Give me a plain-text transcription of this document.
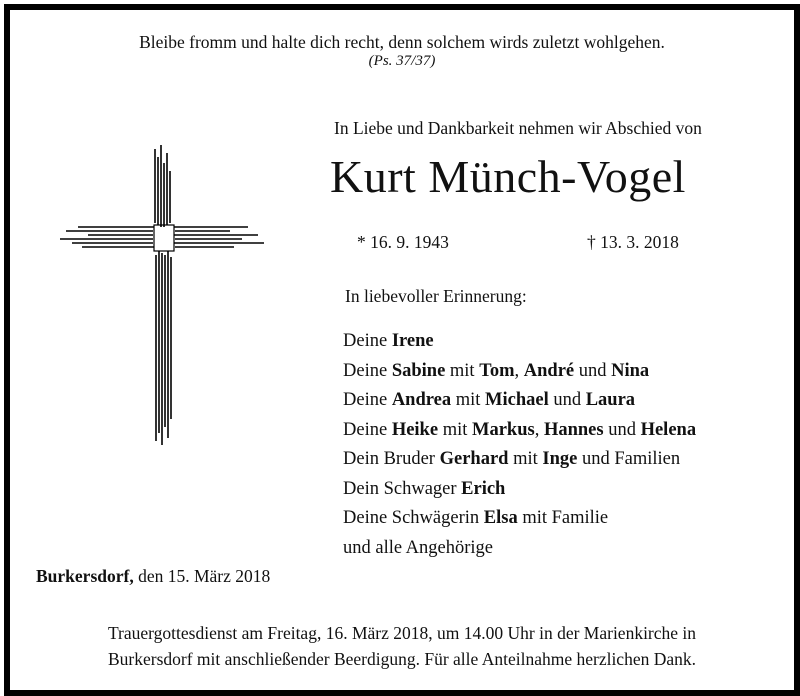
Bleibe fromm und halte dich recht, denn solchem wirds zuletzt wohlgehen.
(Ps. 37/37)
In Liebe und Dankbarkeit nehmen wir Abschied von
Kurt Münch-Vogel
* 16. 9. 1943	† 13. 3. 2018
In liebevoller Erinnerung:
Deine Irene
Deine Sabine mit Tom, André und Nina
Deine Andrea mit Michael und Laura
Deine Heike mit Markus, Hannes und Helena
Dein Bruder Gerhard mit Inge und Familien
Dein Schwager Erich
Deine Schwägerin Elsa mit Familie
und alle Angehörige
Burkersdorf, den 15. März 2018
Trauergottesdienst am Freitag, 16. März 2018, um 14.00 Uhr in der Marienkirche in
Burkersdorf mit anschließender Beerdigung. Für alle Anteilnahme herzlichen Dank.
